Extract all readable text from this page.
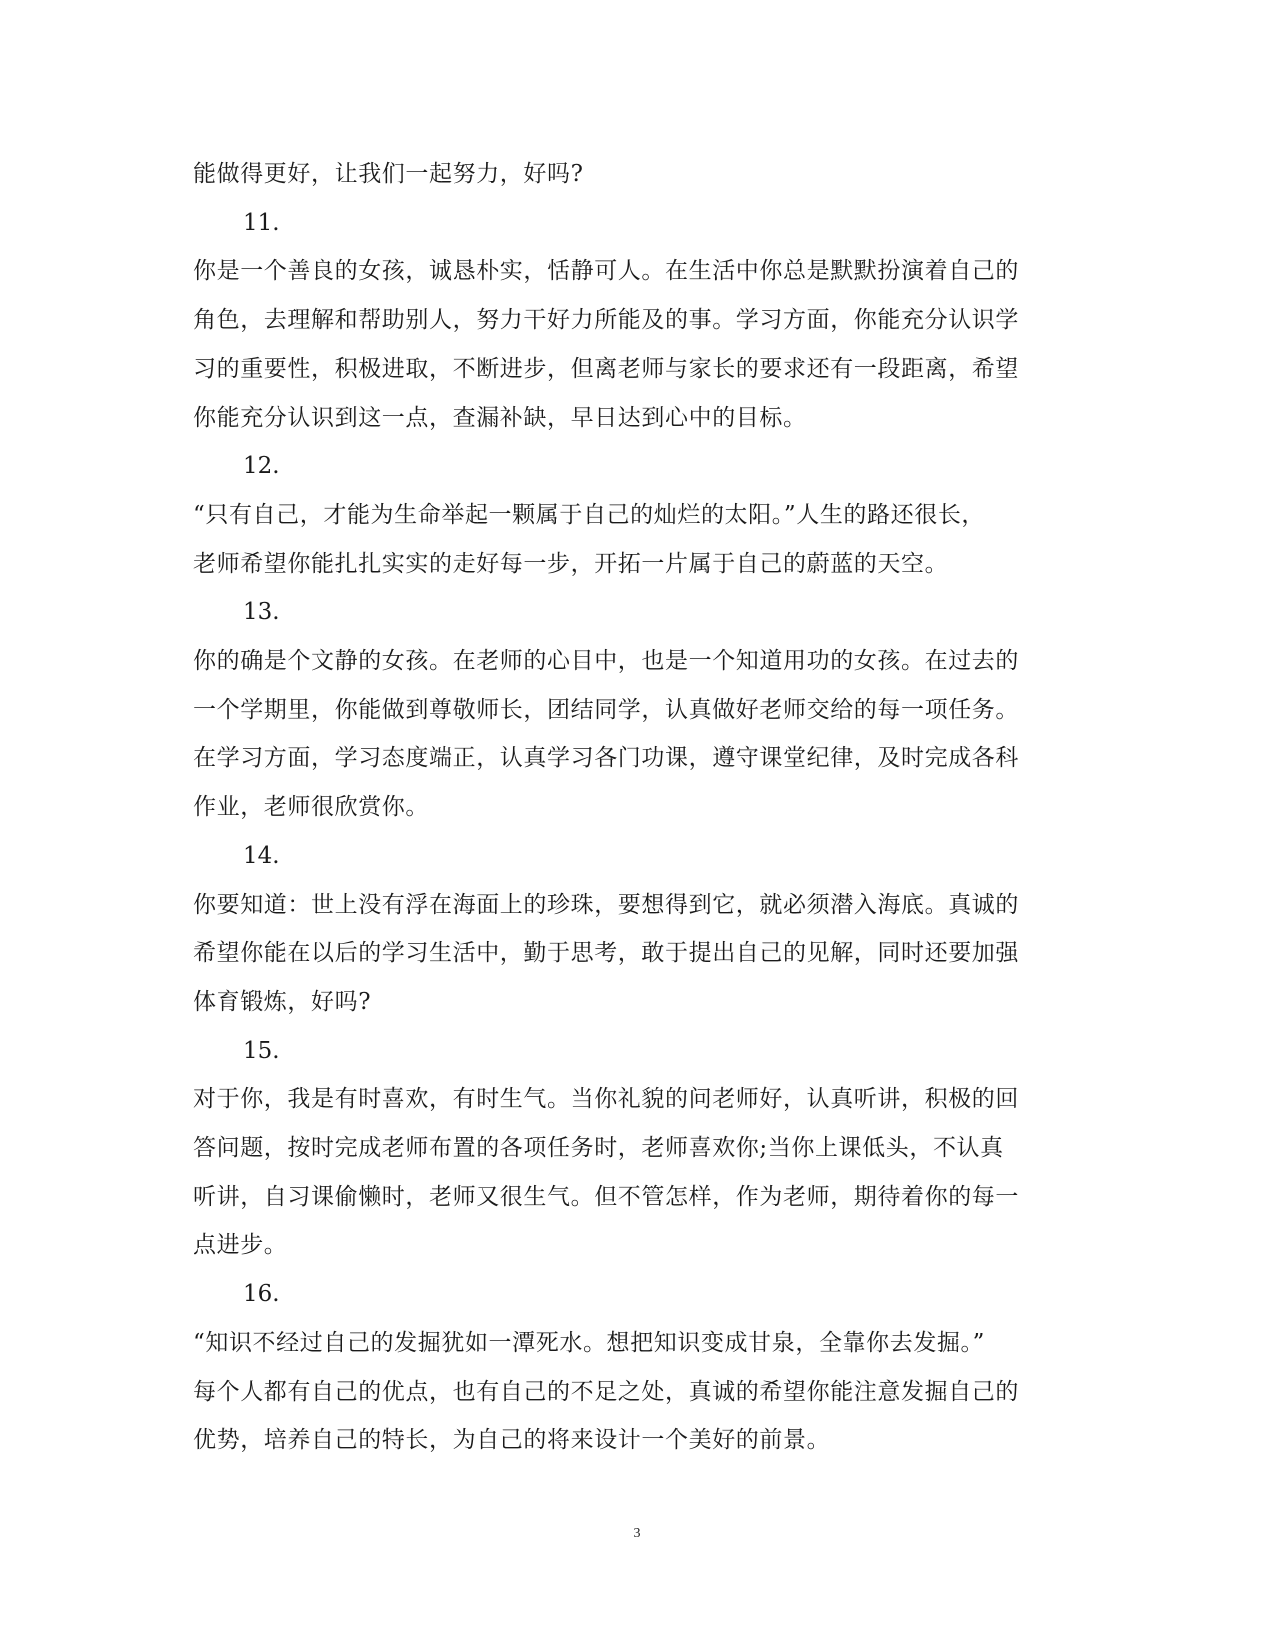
能做得更好，让我们一起努力，好吗?

11.

你是一个善良的女孩，诚恳朴实，恬静可人。在生活中你总是默默扮演着自己的

角色，去理解和帮助别人，努力干好力所能及的事。学习方面，你能充分认识学

习的重要性，积极进取，不断进步，但离老师与家长的要求还有一段距离，希望

你能充分认识到这一点，查漏补缺，早日达到心中的目标。

12.

“只有自己，才能为生命举起一颗属于自己的灿烂的太阳。”人生的路还很长，

老师希望你能扎扎实实的走好每一步，开拓一片属于自己的蔚蓝的天空。

13.

你的确是个文静的女孩。在老师的心目中，也是一个知道用功的女孩。在过去的

一个学期里，你能做到尊敬师长，团结同学，认真做好老师交给的每一项任务。

在学习方面，学习态度端正，认真学习各门功课，遵守课堂纪律，及时完成各科

作业，老师很欣赏你。

14.

你要知道：世上没有浮在海面上的珍珠，要想得到它，就必须潜入海底。真诚的

希望你能在以后的学习生活中，勤于思考，敢于提出自己的见解，同时还要加强

体育锻炼，好吗?

15.

对于你，我是有时喜欢，有时生气。当你礼貌的问老师好，认真听讲，积极的回

答问题，按时完成老师布置的各项任务时，老师喜欢你;当你上课低头，不认真

听讲，自习课偷懒时，老师又很生气。但不管怎样，作为老师，期待着你的每一

点进步。

16.

“知识不经过自己的发掘犹如一潭死水。想把知识变成甘泉，全靠你去发掘。”

每个人都有自己的优点，也有自己的不足之处，真诚的希望你能注意发掘自己的

优势，培养自己的特长，为自己的将来设计一个美好的前景。

3
